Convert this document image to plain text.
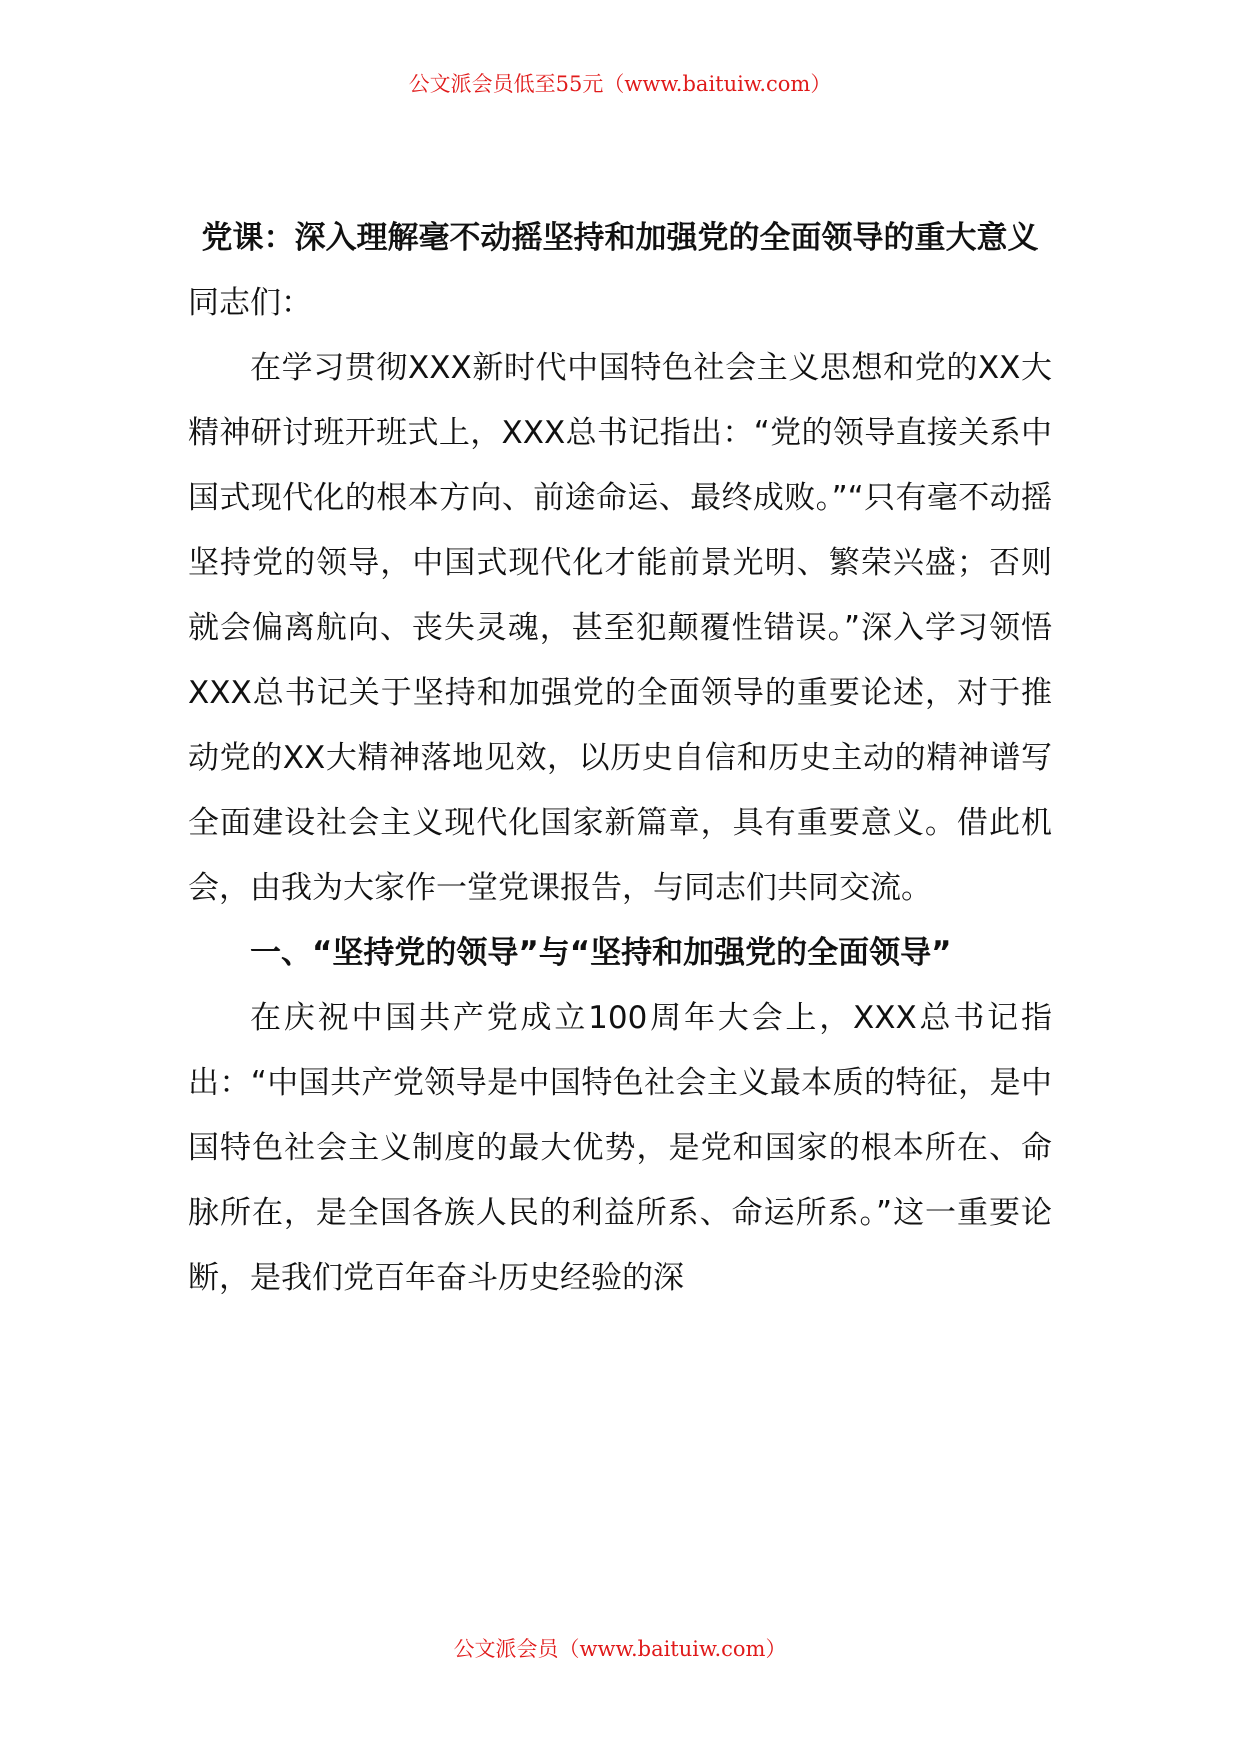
公文派会员低至55元（www.baituiw.com）
党课：深入理解毫不动摇坚持和加强党的全面领导的重大意义

同志们：

在学习贯彻XXX新时代中国特色社会主义思想和党的XX大精神研讨班开班式上，XXX总书记指出：“党的领导直接关系中国式现代化的根本方向、前途命运、最终成败。”“只有毫不动摇坚持党的领导，中国式现代化才能前景光明、繁荣兴盛；否则就会偏离航向、丧失灵魂，甚至犯颠覆性错误。”深入学习领悟XXX总书记关于坚持和加强党的全面领导的重要论述，对于推动党的XX大精神落地见效，以历史自信和历史主动的精神谱写全面建设社会主义现代化国家新篇章，具有重要意义。借此机会，由我为大家作一堂党课报告，与同志们共同交流。

一、“坚持党的领导”与“坚持和加强党的全面领导”

在庆祝中国共产党成立100周年大会上，XXX总书记指出：“中国共产党领导是中国特色社会主义最本质的特征，是中国特色社会主义制度的最大优势，是党和国家的根本所在、命脉所在，是全国各族人民的利益所系、命运所系。”这一重要论断，是我们党百年奋斗历史经验的深

公文派会员（www.baituiw.com）
